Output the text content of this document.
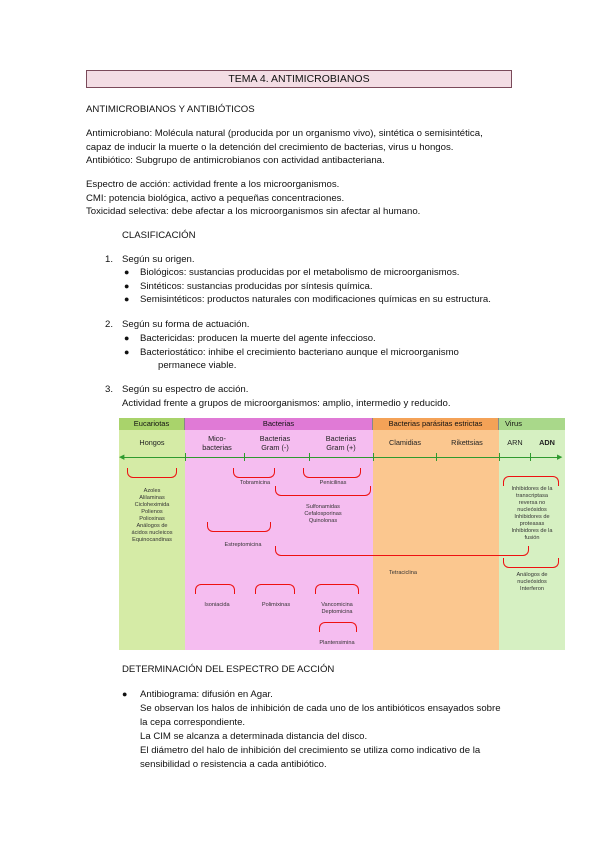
TEMA 4. ANTIMICROBIANOS
ANTIMICROBIANOS Y ANTIBIÓTICOS
Antimicrobiano: Molécula natural (producida por un organismo vivo), sintética o semisintética,
capaz de inducir la muerte o la detención del crecimiento de bacterias, virus u hongos.
Antibiótico: Subgrupo de antimicrobianos con actividad antibacteriana.
Espectro de acción: actividad frente a los microorganismos.
CMI: potencia biológica, activo a pequeñas concentraciones.
Toxicidad selectiva: debe afectar a los microorganismos sin afectar al humano.
CLASIFICACIÓN
1. Según su origen.
● Biológicos: sustancias producidas por el metabolismo de microorganismos.
● Sintéticos: sustancias producidas por síntesis química.
● Semisintéticos: productos naturales con modificaciones químicas en su estructura.
2. Según su forma de actuación.
● Bactericidas: producen la muerte del agente infeccioso.
● Bacteriostático: inhibe el crecimiento bacteriano aunque el microorganismo
permanece viable.
3. Según su espectro de acción.
Actividad frente a grupos de microorganismos: amplio, intermedio y reducido.
Eucariotas	Bacterias	Bacterias parásitas estrictas	Virus
Hongos	Mico-
bacterias
Bacterias
Gram (-)
Bacterias
Gram (+)
Clamidias	Rikettsias	ARN	ADN
◀	▶
Azoles
Alilaminas
Cicloheximida
Polienos
Polioxinas
Análogos de
ácidos nucleicos
Equinocandinas
Tobramicina	Penicilinas
Sulfonamidas
Cefalosporinas
Quinolonas
Estreptomicina
Tetraciclina
Inhibidores de la
transcriptasa
reversa no
nucleósidos
Inhibidores de
proteasas
Inhibidores de la
fusión
Análogos de
nucleósidos
Interferon
Isoniacida	Polimixinas	Vancomicina
Deptomicina
Plantensimina
DETERMINACIÓN DEL ESPECTRO DE ACCIÓN
● Antibiograma: difusión en Agar.
Se observan los halos de inhibición de cada uno de los antibióticos ensayados sobre
la cepa correspondiente.
La CIM se alcanza a determinada distancia del disco.
El diámetro del halo de inhibición del crecimiento se utiliza como indicativo de la
sensibilidad o resistencia a cada antibiótico.
